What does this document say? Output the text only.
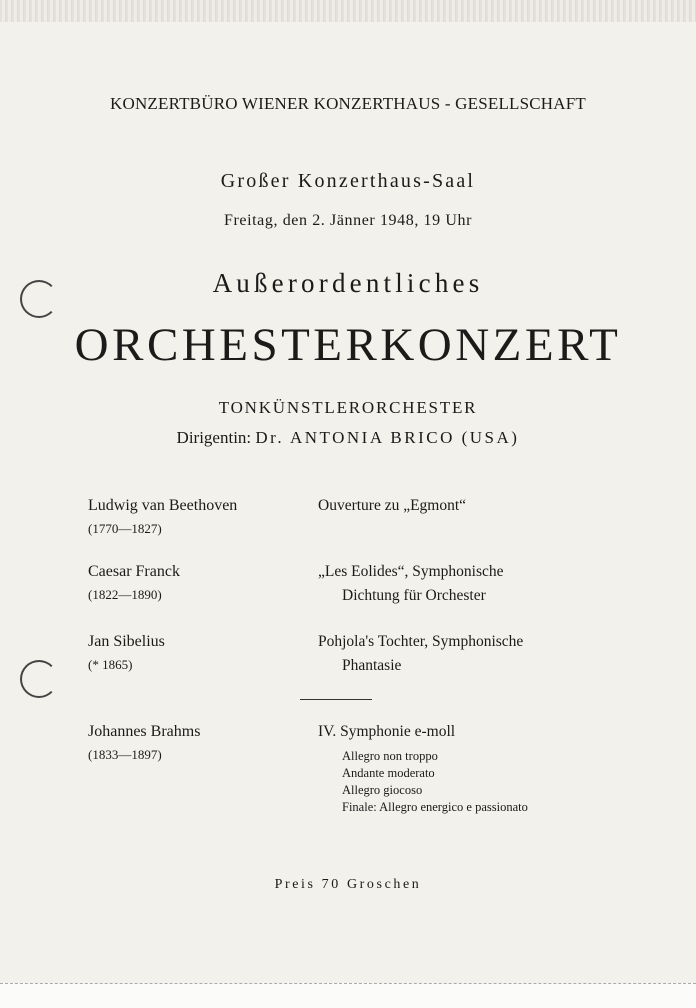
KONZERTBÜRO WIENER KONZERTHAUS - GESELLSCHAFT
Großer Konzerthaus-Saal
Freitag, den 2. Jänner 1948, 19 Uhr
Außerordentliches
ORCHESTERKONZERT
TONKÜNSTLERORCHESTER
Dirigentin: Dr. ANTONIA BRICO (USA)
Ludwig van Beethoven
(1770—1827)
Ouverture zu „Egmont“
Caesar Franck
(1822—1890)
„Les Eolides“, Symphonische
Dichtung für Orchester
Jan Sibelius
(* 1865)
Pohjola's Tochter, Symphonische
Phantasie
Johannes Brahms
(1833—1897)
IV. Symphonie e-moll
Allegro non troppo
Andante moderato
Allegro giocoso
Finale: Allegro energico e passionato
Preis 70 Groschen
